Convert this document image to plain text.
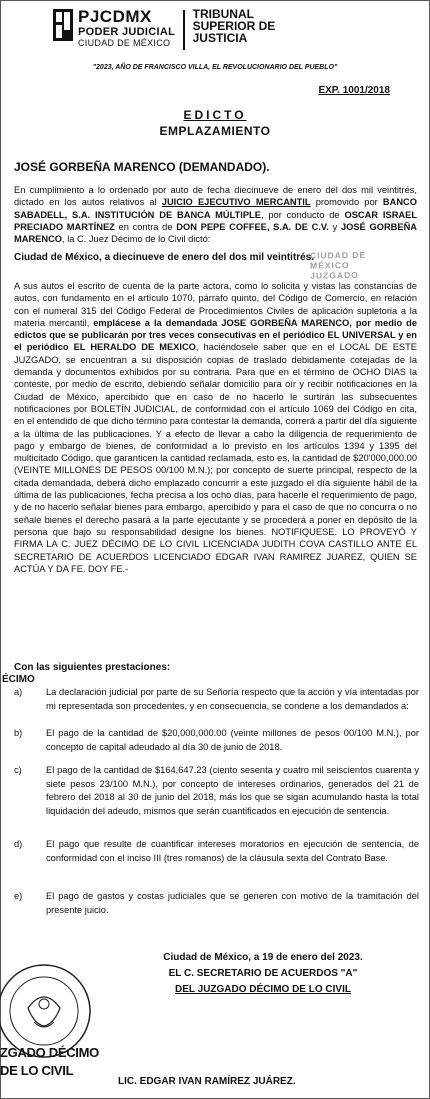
PJCDMX
PODER JUDICIAL
CIUDAD DE MÉXICO
TRIBUNAL
SUPERIOR DE
JUSTICIA
"2023, AÑO DE FRANCISCO VILLA, EL REVOLUCIONARIO DEL PUEBLO"
EXP. 1001/2018
EDICTO
EMPLAZAMIENTO
JOSÉ GORBEÑA MARENCO (DEMANDADO).
En cumplimiento a lo ordenado por auto de fecha diecinueve de enero del dos mil veintitrés, dictado en los autos relativos al JUICIO EJECUTIVO MERCANTIL promovido por BANCO SABADELL, S.A. INSTITUCIÓN DE BANCA MÚLTIPLE, por conducto de OSCAR ISRAEL PRECIADO MARTÍNEZ en contra de DON PEPE COFFEE, S.A. DE C.V. y JOSÉ GORBEÑA MARENCO, la C. Juez Décimo de lo Civil dictó:
Ciudad de México, a diecinueve de enero del dos mil veintitrés.
CIUDAD DE MÉXICO JUZGADO
A sus autos el escrito de cuenta de la parte actora, como lo solicita y vistas las constancias de autos, con fundamento en el artículo 1070, párrafo quinto, del Código de Comercio, en relación con el numeral 315 del Código Federal de Procedimientos Civiles de aplicación supletoria a la materia mercantil, emplácese a la demandada JOSE GORBEÑA MARENCO, por medio de edictos que se publicarán por tres veces consecutivas en el periódico EL UNIVERSAL y en el periódico EL HERALDO DE MEXICO, haciéndosele saber que en el LOCAL DE ESTE JUZGADO, se encuentran a su disposición copias de traslado debidamente cotejadas de la demanda y documentos exhibidos por su contraria. Para que en el término de OCHO DIAS la conteste, por medio de escrito, debiendo señalar domicilio para oír y recibir notificaciones en la Ciudad de México, apercibido que en caso de no hacerlo le surtirán las subsecuentes notificaciones por BOLETÍN JUDICIAL, de conformidad con el artículo 1069 del Código en cita, en el entendido de que dicho término para contestar la demanda, correrá a partir del día siguiente a la última de las publicaciones. Y a efecto de llevar a cabo la diligencia de requerimiento de pago y embargo de bienes, de conformidad a lo previsto en los artículos 1394 y 1395 del multicitado Código, que garanticen la cantidad reclamada, esto es, la cantidad de $20'000,000.00 (VEINTE MILLONES DE PESOS 00/100 M.N.); por concepto de suerte principal, respecto de la citada demandada, deberá dicho emplazado concurrir a este juzgado el día siguiente hábil de la última de las publicaciones, fecha precisa a los ocho días, para hacerle el requerimiento de pago, y de no hacerlo señalar bienes para embargo, apercibido y para el caso de que no concurra o no señale bienes el derecho pasará a la parte ejecutante y se procederá a poner en depósito de la persona que bajo su responsabilidad designe los bienes. NOTIFIQUESE. LO PROVEYÓ Y FIRMA LA C. JUEZ DÉCIMO DE LO CIVIL LICENCIADA JUDITH COVA CASTILLO ANTE EL SECRETARIO DE ACUERDOS LICENCIADO EDGAR IVAN RAMIREZ JUAREZ, QUIEN SE ACTÚA Y DA FE. DOY FE.-
Con las siguientes prestaciones:
ÉCIMO
a)	La declaración judicial por parte de su Señoría respecto que la acción y vía intentadas por mi representada son procedentes, y en consecuencia, se condene a los demandados a:
b)	El pago de la cantidad de $20,000,000.00 (veinte millones de pesos 00/100 M.N.), por concepto de capital adeudado al día 30 de junio de 2018.
c)	El pago de la cantidad de $164,647.23 (ciento sesenta y cuatro mil seiscientos cuarenta y siete pesos 23/100 M.N.), por concepto de intereses ordinarios, generados del 21 de febrero del 2018 al 30 de junio del 2018, más los que se sigan acumulando hasta la total liquidación del adeudo, mismos que serán cuantificados en ejecución de sentencia.
d)	El pago que resulte de cuantificar intereses moratorios en ejecución de sentencia, de conformidad con el inciso III (tres romanos) de la cláusula sexta del Contrato Base.
e)	El pago de gastos y costas judiciales que se generen con motivo de la tramitación del presente juicio.
Ciudad de México, a 19 de enero del 2023.
EL C. SECRETARIO DE ACUERDOS "A"
DEL JUZGADO DÉCIMO DE LO CIVIL
ZGADO DÉCIMO
DE LO CIVIL
LIC. EDGAR IVAN RAMÍREZ JUÁREZ.
